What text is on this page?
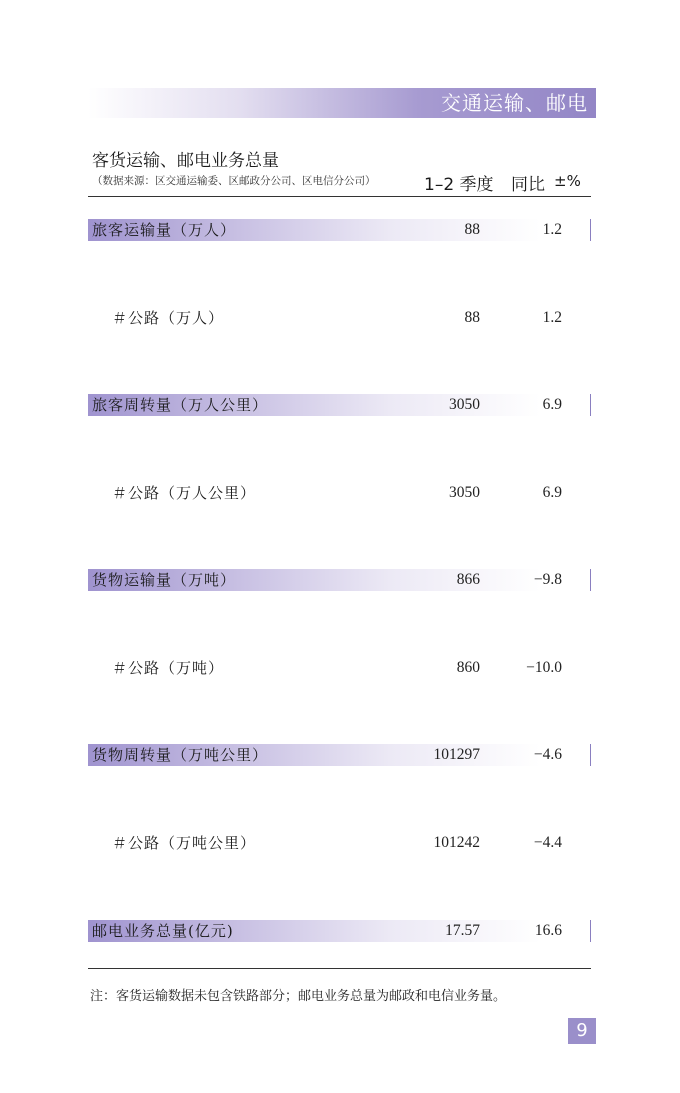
交通运输、邮电
客货运输、邮电业务总量
（数据来源：区交通运输委、区邮政分公司、区电信分公司）	1–2 季度 同比 ±%
旅客运输量（万人）	88	1.2
＃公路（万人）	88	1.2
旅客周转量（万人公里）	3050	6.9
＃公路（万人公里）	3050	6.9
货物运输量（万吨）	866	−9.8
＃公路（万吨）	860	−10.0
货物周转量（万吨公里）	101297	−4.6
＃公路（万吨公里）	101242	−4.4
邮电业务总量(亿元)	17.57	16.6
注：客货运输数据未包含铁路部分；邮电业务总量为邮政和电信业务量。
9
